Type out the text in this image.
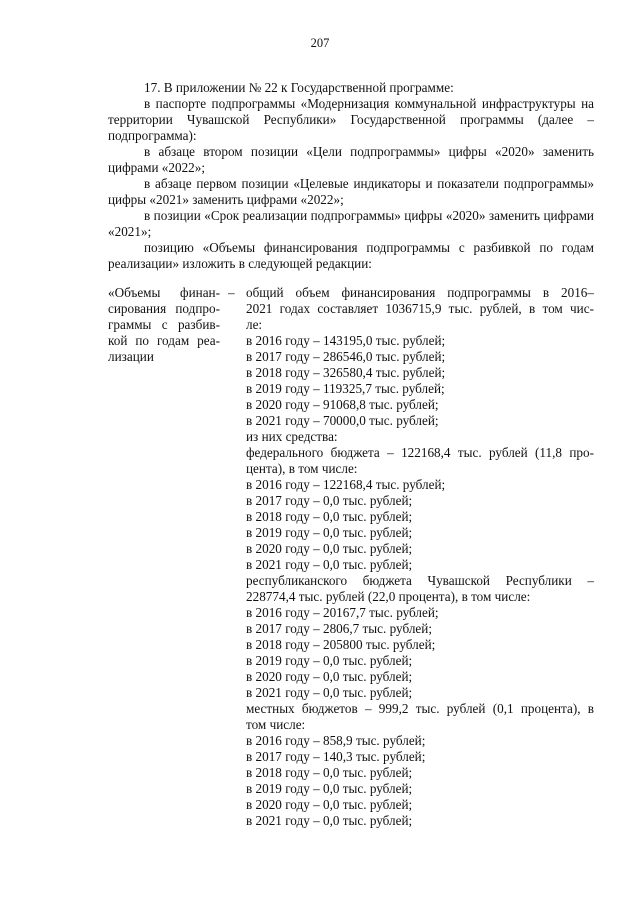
207

17. В приложении № 22 к Государственной программе:

в паспорте подпрограммы «Модернизация коммунальной инфраструктуры на территории Чувашской Республики» Государственной программы (далее – подпрограмма):

в абзаце втором позиции «Цели подпрограммы» цифры «2020» заменить цифрами «2022»;

в абзаце первом позиции «Целевые индикаторы и показатели подпрограммы» цифры «2021» заменить цифрами «2022»;

в позиции «Срок реализации подпрограммы» цифры «2020» заменить цифрами «2021»;

позицию «Объемы финансирования подпрограммы с разбивкой по годам реализации» изложить в следующей редакции:

«Объемы финан-

сирования подпро-

граммы с разбив-

кой по годам реа-

лизации

– общий объем финансирования подпрограммы в 2016–

2021 годах составляет 1036715,9 тыс. рублей, в том чис-

ле:

в 2016 году – 143195,0 тыс. рублей;

в 2017 году – 286546,0 тыс. рублей;

в 2018 году – 326580,4 тыс. рублей;

в 2019 году – 119325,7 тыс. рублей;

в 2020 году – 91068,8 тыс. рублей;

в 2021 году – 70000,0 тыс. рублей;

из них средства:

федерального бюджета – 122168,4 тыс. рублей (11,8 про-

цента), в том числе:

в 2016 году – 122168,4 тыс. рублей;

в 2017 году – 0,0 тыс. рублей;

в 2018 году – 0,0 тыс. рублей;

в 2019 году – 0,0 тыс. рублей;

в 2020 году – 0,0 тыс. рублей;

в 2021 году – 0,0 тыс. рублей;

республиканского бюджета Чувашской Республики –

228774,4 тыс. рублей (22,0 процента), в том числе:

в 2016 году – 20167,7 тыс. рублей;

в 2017 году – 2806,7 тыс. рублей;

в 2018 году – 205800 тыс. рублей;

в 2019 году – 0,0 тыс. рублей;

в 2020 году – 0,0 тыс. рублей;

в 2021 году – 0,0 тыс. рублей;

местных бюджетов – 999,2 тыс. рублей (0,1 процента), в

том числе:

в 2016 году – 858,9 тыс. рублей;

в 2017 году – 140,3 тыс. рублей;

в 2018 году – 0,0 тыс. рублей;

в 2019 году – 0,0 тыс. рублей;

в 2020 году – 0,0 тыс. рублей;

в 2021 году – 0,0 тыс. рублей;
